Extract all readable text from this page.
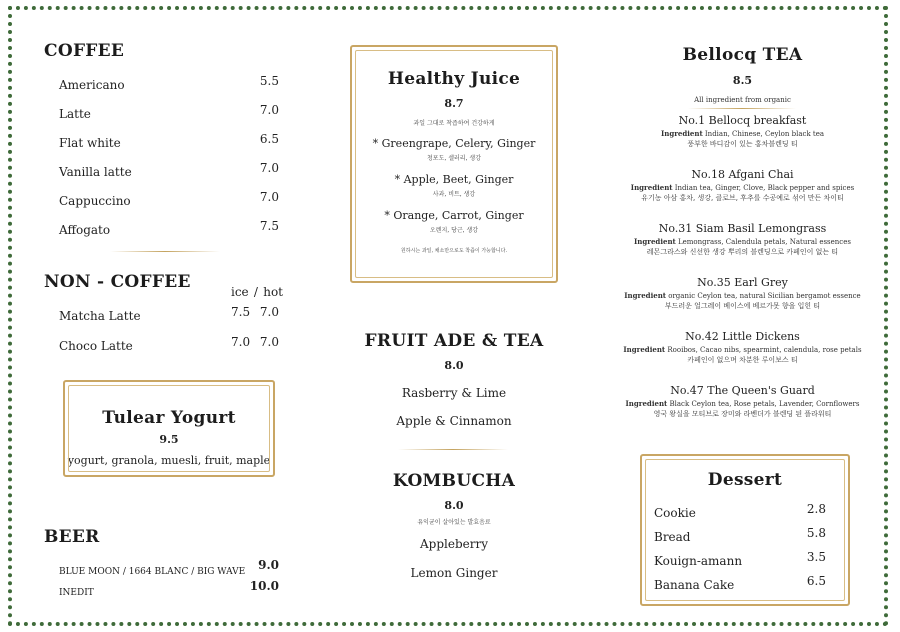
COFFEE
Americano	5.5
Latte	7.0
Flat white	6.5
Vanilla latte	7.0
Cappuccino	7.0
Affogato	7.5
NON - COFFEE	ice / hot
Matcha Latte	7.5 7.0
Choco Latte	7.0 7.0
Tulear Yogurt
9.5
yogurt, granola, muesli, fruit, maple
BEER
BLUE MOON / 1664 BLANC / BIG WAVE 9.0
INEDIT	10.0
Healthy Juice
8.7
과일 그대로 착즙하여 건강하게
* Greengrape, Celery, Ginger
청포도, 셀러리, 생강
* Apple, Beet, Ginger
사과, 비트, 생강
* Orange, Carrot, Ginger
오렌지, 당근, 생강
원하시는 과일, 채소만으로도 착즙이 가능합니다.
FRUIT ADE & TEA
8.0
Rasberry & Lime
Apple & Cinnamon
KOMBUCHA
8.0
유익균이 살아있는 발효음료
Appleberry
Lemon Ginger
Bellocq TEA
8.5
All ingredient from organic
No.1 Bellocq breakfast
Ingredient Indian, Chinese, Ceylon black tea
풍부한 바디감이 있는 홍차블렌딩 티
No.18 Afgani Chai
Ingredient Indian tea, Ginger, Clove, Black pepper and spices
유기농 아삼 홍차, 생강, 클로브, 후추를 수공예로 섞어 만든 차이티
No.31 Siam Basil Lemongrass
Ingredient Lemongrass, Calendula petals, Natural essences
레몬그라스와 신선한 생강 뿌리의 블렌딩으로 카페인이 없는 티
No.35 Earl Grey
Ingredient organic Ceylon tea, natural Sicilian bergamot essence
부드러운 얼그레이 베이스에 베르가못 향을 입힌 티
No.42 Little Dickens
Ingredient Rooibos, Cacao nibs, spearmint, calendula, rose petals
카페인이 없으며 차분한 루이보스 티
No.47 The Queen's Guard
Ingredient Black Ceylon tea, Rose petals, Lavender, Cornflowers
영국 왕실을 모티브로 장미와 라벤더가 블렌딩 된 플라워티
Dessert
Cookie	2.8
Bread	5.8
Kouign-amann	3.5
Banana Cake	6.5
